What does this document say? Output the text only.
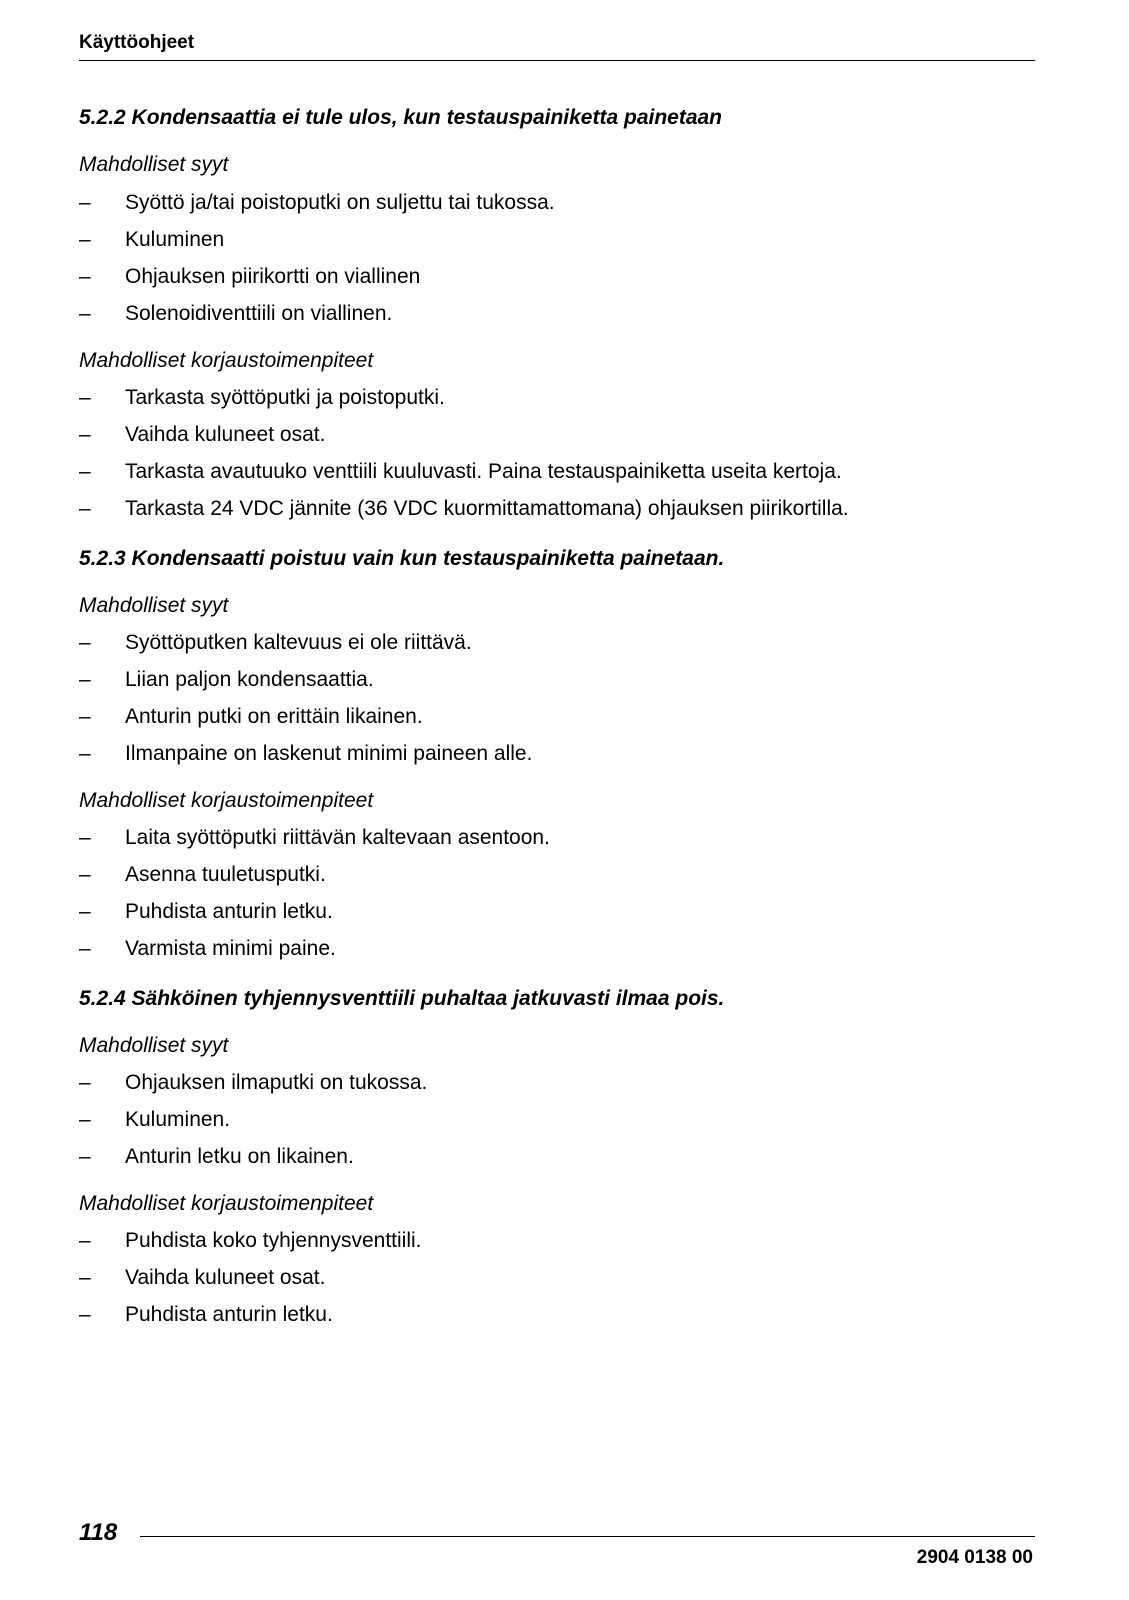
Käyttöohjeet
5.2.2 Kondensaattia ei tule ulos, kun testauspainiketta painetaan
Mahdolliset syyt
– Syöttö ja/tai poistoputki on suljettu tai tukossa.
– Kuluminen
– Ohjauksen piirikortti on viallinen
– Solenoidiventtiili on viallinen.
Mahdolliset korjaustoimenpiteet
– Tarkasta syöttöputki ja poistoputki.
– Vaihda kuluneet osat.
– Tarkasta avautuuko venttiili kuuluvasti. Paina testauspainiketta useita kertoja.
– Tarkasta 24 VDC jännite (36 VDC kuormittamattomana) ohjauksen piirikortilla.
5.2.3 Kondensaatti poistuu vain kun testauspainiketta painetaan.
Mahdolliset syyt
– Syöttöputken kaltevuus ei ole riittävä.
– Liian paljon kondensaattia.
– Anturin putki on erittäin likainen.
– Ilmanpaine on laskenut minimi paineen alle.
Mahdolliset korjaustoimenpiteet
– Laita syöttöputki riittävän kaltevaan asentoon.
– Asenna tuuletusputki.
– Puhdista anturin letku.
– Varmista minimi paine.
5.2.4 Sähköinen tyhjennysventtiili puhaltaa jatkuvasti ilmaa pois.
Mahdolliset syyt
– Ohjauksen ilmaputki on tukossa.
– Kuluminen.
– Anturin letku on likainen.
Mahdolliset korjaustoimenpiteet
– Puhdista koko tyhjennysventtiili.
– Vaihda kuluneet osat.
– Puhdista anturin letku.
118
2904 0138 00
